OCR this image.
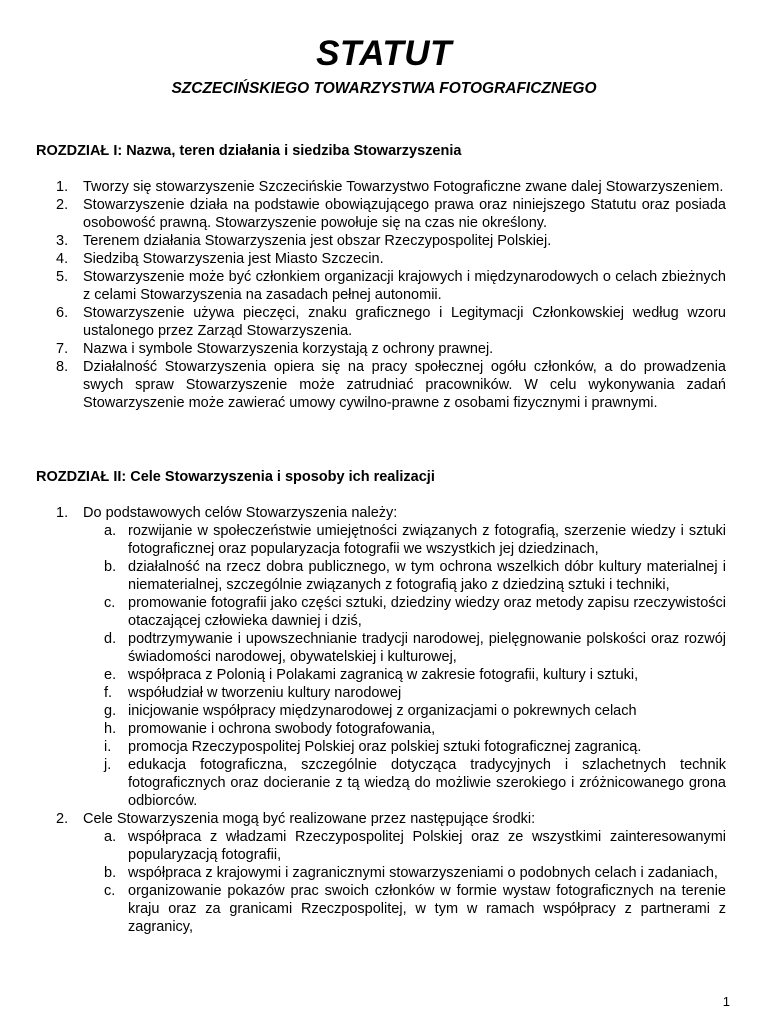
STATUT
SZCZECIŃSKIEGO TOWARZYSTWA FOTOGRAFICZNEGO
ROZDZIAŁ I: Nazwa, teren działania i siedziba Stowarzyszenia
1. Tworzy się stowarzyszenie Szczecińskie Towarzystwo Fotograficzne zwane dalej Stowarzyszeniem.
2. Stowarzyszenie działa na podstawie obowiązującego prawa oraz niniejszego Statutu oraz posiada osobowość prawną. Stowarzyszenie powołuje się na czas nie określony.
3. Terenem działania Stowarzyszenia jest obszar Rzeczypospolitej Polskiej.
4. Siedzibą Stowarzyszenia jest Miasto Szczecin.
5. Stowarzyszenie może być członkiem organizacji krajowych i międzynarodowych o celach zbieżnych z celami Stowarzyszenia na zasadach pełnej autonomii.
6. Stowarzyszenie używa pieczęci, znaku graficznego i Legitymacji Członkowskiej według wzoru ustalonego przez Zarząd Stowarzyszenia.
7. Nazwa i symbole Stowarzyszenia korzystają z ochrony prawnej.
8. Działalność Stowarzyszenia opiera się na pracy społecznej ogółu członków, a do prowadzenia swych spraw Stowarzyszenie może zatrudniać pracowników. W celu wykonywania zadań Stowarzyszenie może zawierać umowy cywilno-prawne z osobami fizycznymi i prawnymi.
ROZDZIAŁ II: Cele Stowarzyszenia i sposoby ich realizacji
1. Do podstawowych celów Stowarzyszenia należy:
a. rozwijanie w społeczeństwie umiejętności związanych z fotografią, szerzenie wiedzy i sztuki fotograficznej oraz popularyzacja fotografii we wszystkich jej dziedzinach,
b. działalność na rzecz dobra publicznego, w tym ochrona wszelkich dóbr kultury materialnej i niematerialnej, szczególnie związanych z fotografią jako z dziedziną sztuki i techniki,
c. promowanie fotografii jako części sztuki, dziedziny wiedzy oraz metody zapisu rzeczywistości otaczającej człowieka dawniej i dziś,
d. podtrzymywanie i upowszechnianie tradycji narodowej, pielęgnowanie polskości oraz rozwój świadomości narodowej, obywatelskiej i kulturowej,
e. współpraca z Polonią i Polakami zagranicą w zakresie fotografii, kultury i sztuki,
f. współudział w tworzeniu kultury narodowej
g. inicjowanie współpracy międzynarodowej z organizacjami o pokrewnych celach
h. promowanie i ochrona swobody fotografowania,
i. promocja Rzeczypospolitej Polskiej oraz polskiej sztuki fotograficznej zagranicą.
j. edukacja fotograficzna, szczególnie dotycząca tradycyjnych i szlachetnych technik fotograficznych oraz docieranie z tą wiedzą do możliwie szerokiego i zróżnicowanego grona odbiorców.
2. Cele Stowarzyszenia mogą być realizowane przez następujące środki:
a. współpraca z władzami Rzeczypospolitej Polskiej oraz ze wszystkimi zainteresowanymi popularyzacją fotografii,
b. współpraca z krajowymi i zagranicznymi stowarzyszeniami o podobnych celach i zadaniach,
c. organizowanie pokazów prac swoich członków w formie wystaw fotograficznych na terenie kraju oraz za granicami Rzeczpospolitej, w tym w ramach współpracy z partnerami z zagranicy,
1
